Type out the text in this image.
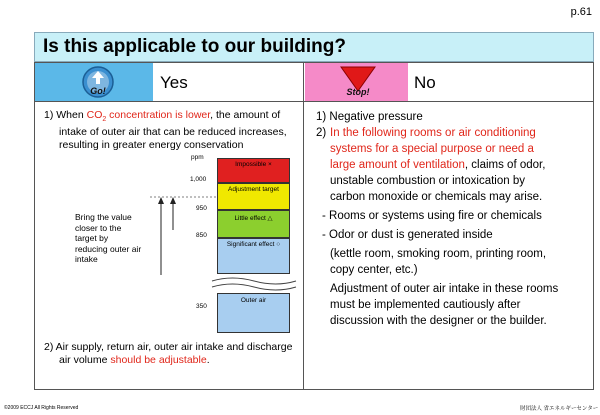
p.61
Is this applicable to our building?
Go!	Yes	Stop!	No
1) When $CO_2$ concentration is lower, the amount of
intake of outer air that can be reduced increases,
resulting in greater energy conservation
Bring the value
closer to the
target by
reducing outer air
intake
ppm
1,000
950
850
350
Impossible ×
Adjustment target
Little effect △
Significant effect ○
Outer air
2) Air supply, return air, outer air intake and discharge
air volume should be adjustable.
1) Negative pressure
2) In the following rooms or air conditioning
systems for a special purpose or need a
large amount of ventilation, claims of odor,
unstable combustion or intoxication by
carbon monoxide or chemicals may arise.
- Rooms or systems using fire or chemicals
- Odor or dust is generated inside
(kettle room, smoking room, printing room,
copy center, etc.)
Adjustment of outer air intake in these rooms
must be implemented cautiously after
discussion with the designer or the builder.
©2009 ECCJ All Rights Reserved	財団法人 省エネルギーセンター
